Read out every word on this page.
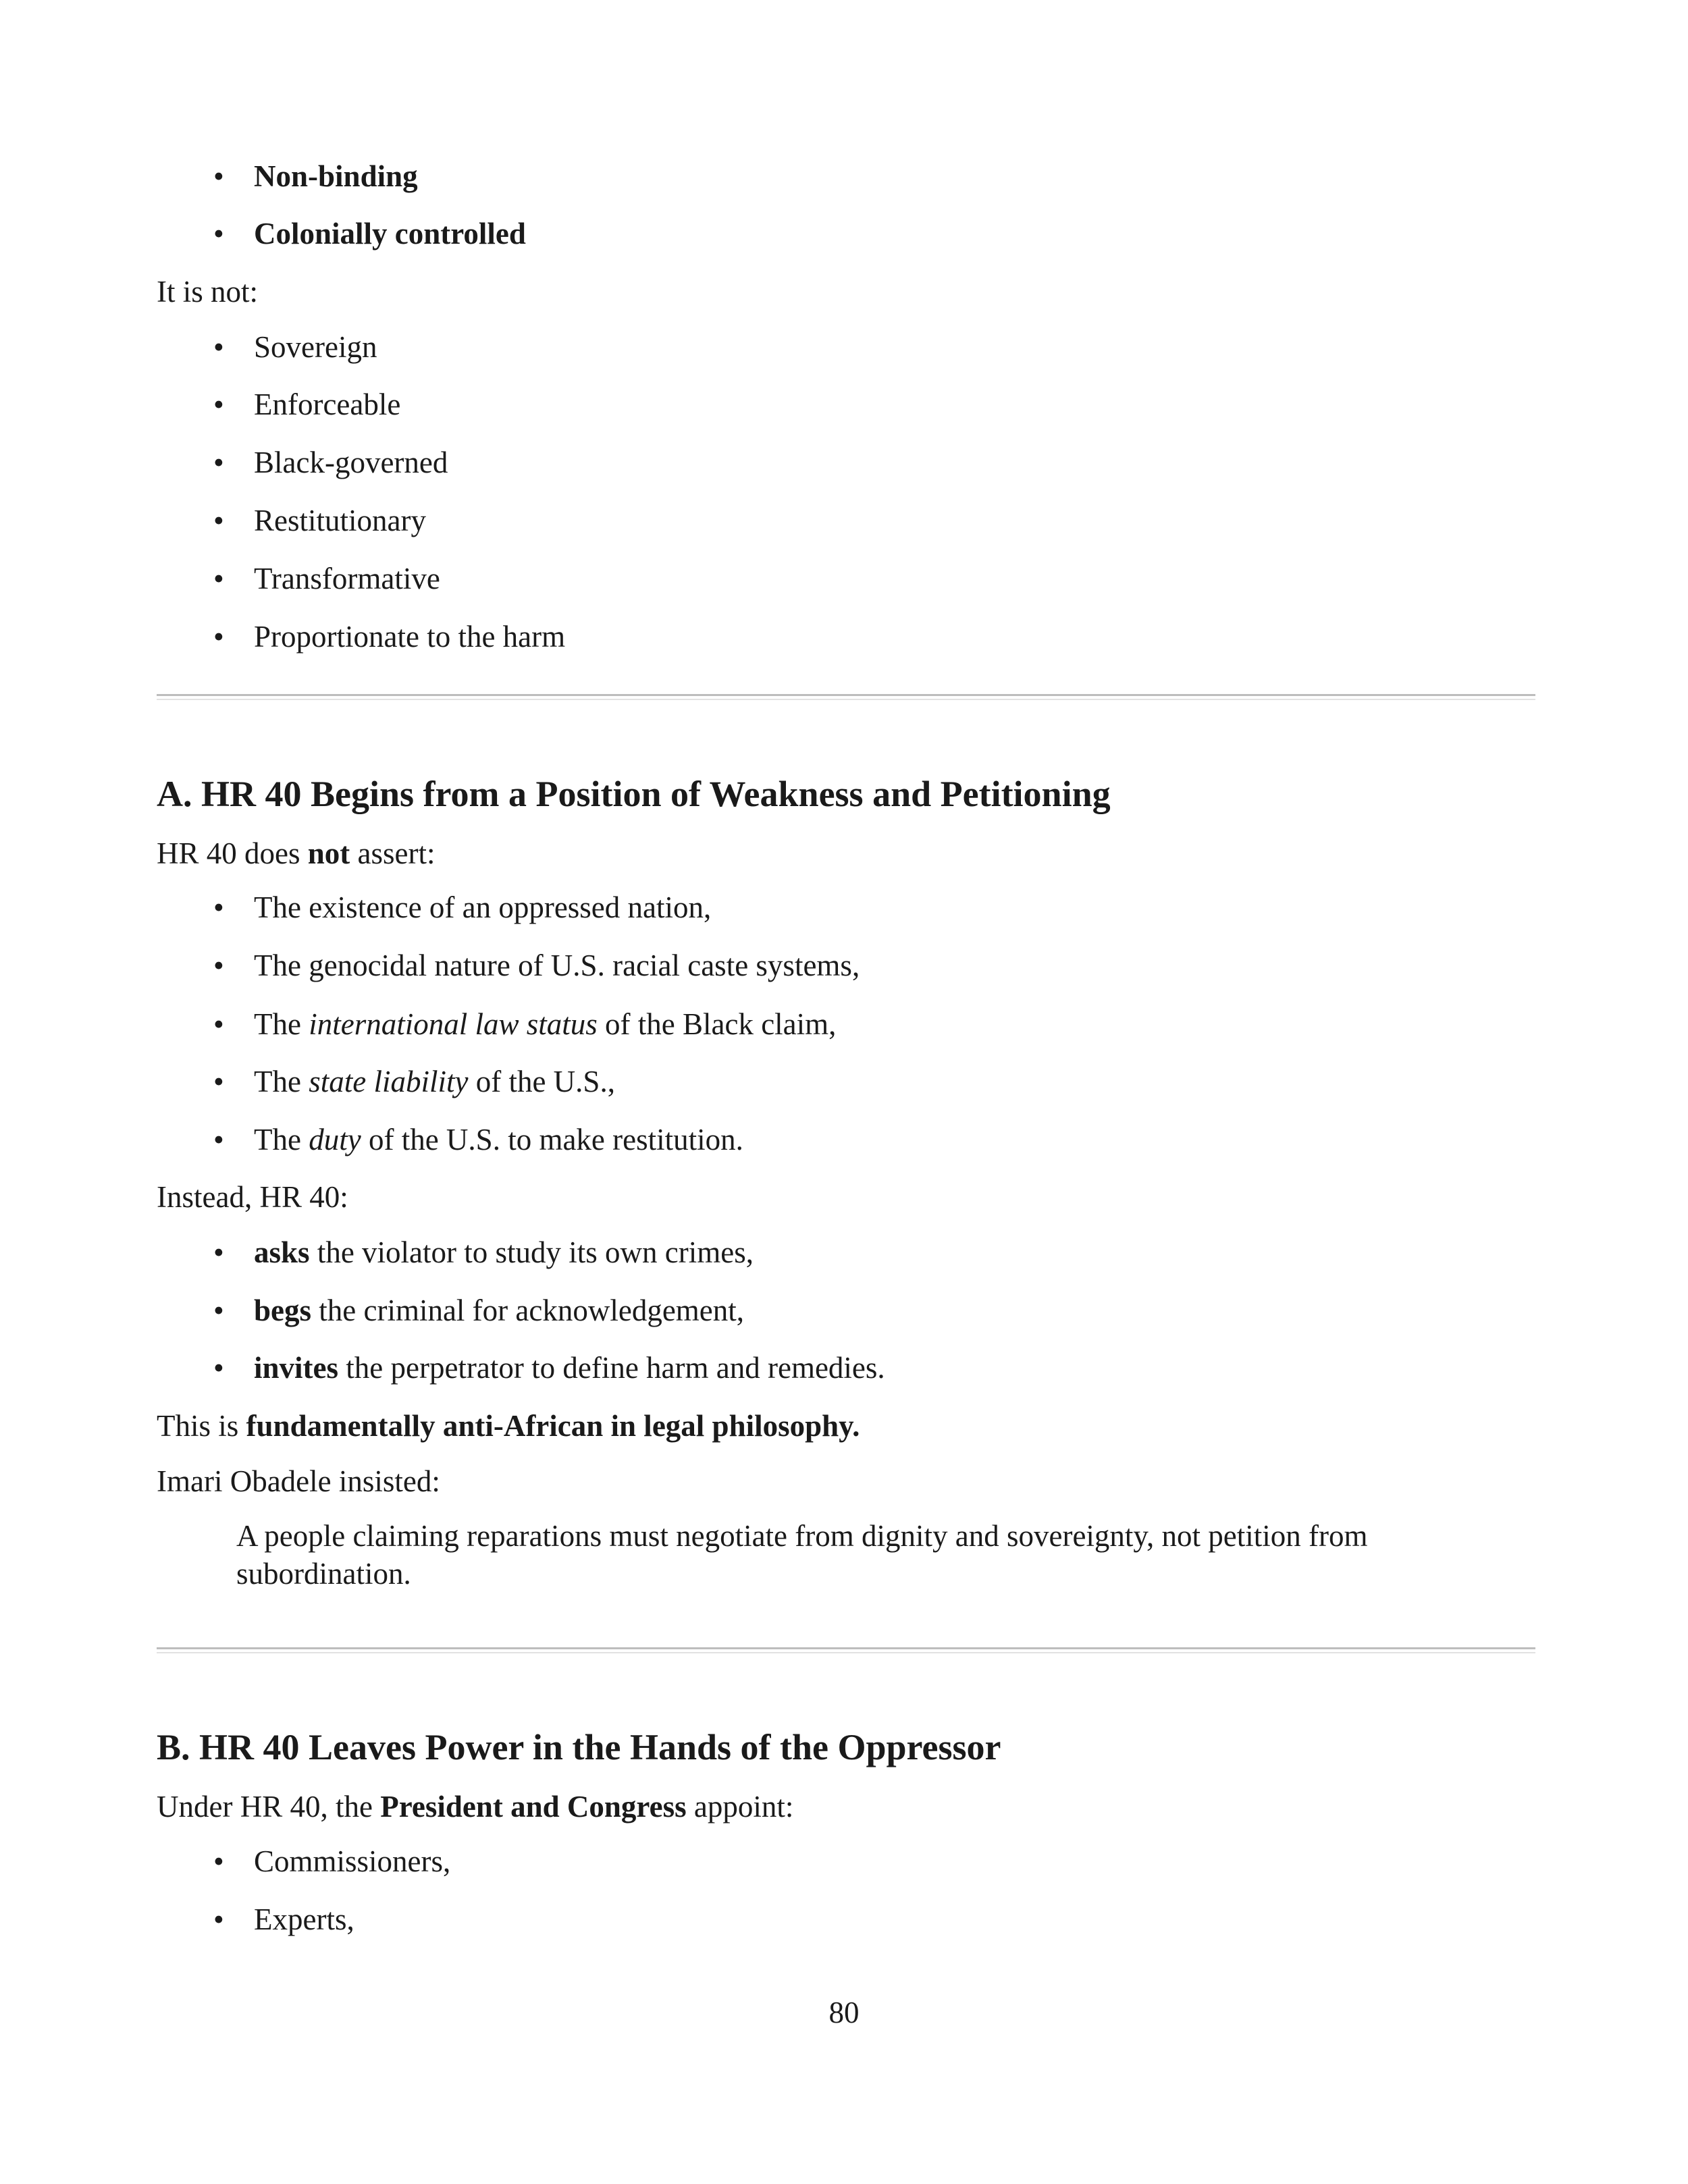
• Non-binding
• Colonially controlled
It is not:
• Sovereign
• Enforceable
• Black-governed
• Restitutionary
• Transformative
• Proportionate to the harm
A. HR 40 Begins from a Position of Weakness and Petitioning
HR 40 does not assert:
• The existence of an oppressed nation,
• The genocidal nature of U.S. racial caste systems,
• The international law status of the Black claim,
• The state liability of the U.S.,
• The duty of the U.S. to make restitution.
Instead, HR 40:
• asks the violator to study its own crimes,
• begs the criminal for acknowledgement,
• invites the perpetrator to define harm and remedies.
This is fundamentally anti-African in legal philosophy.
Imari Obadele insisted:
A people claiming reparations must negotiate from dignity and sovereignty, not petition from subordination.
B. HR 40 Leaves Power in the Hands of the Oppressor
Under HR 40, the President and Congress appoint:
• Commissioners,
• Experts,
80
